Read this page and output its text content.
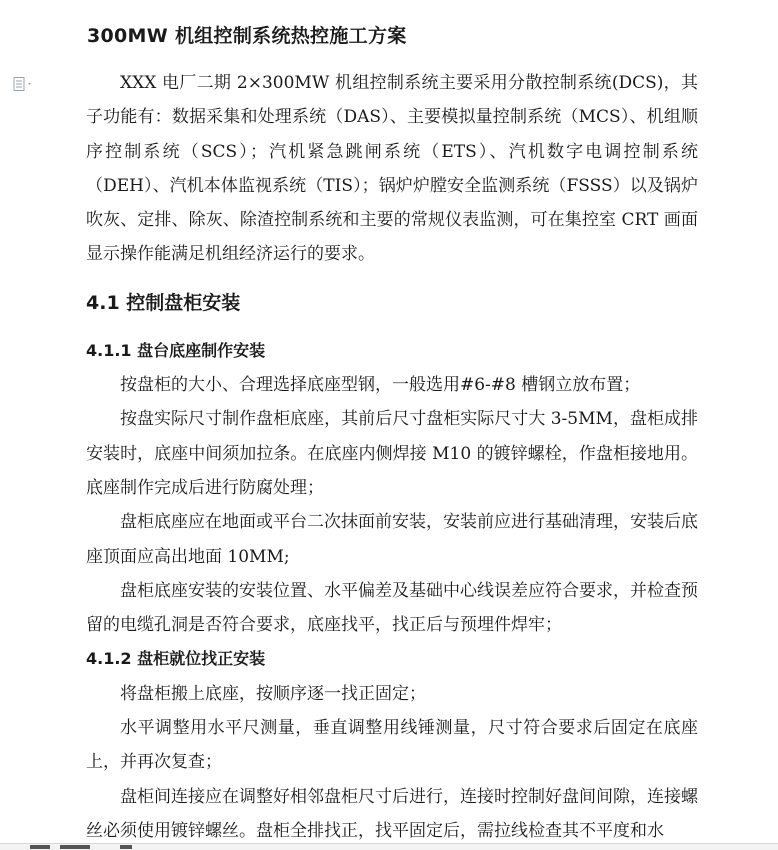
300MW 机组控制系统热控施工方案

XXX 电厂二期 2×300MW 机组控制系统主要采用分散控制系统(DCS)，其子功能有：数据采集和处理系统（DAS）、主要模拟量控制系统（MCS）、机组顺序控制系统（SCS）；汽机紧急跳闸系统（ETS）、汽机数字电调控制系统（DEH）、汽机本体监视系统（TIS）；锅炉炉膛安全监测系统（FSSS）以及锅炉吹灰、定排、除灰、除渣控制系统和主要的常规仪表监测，可在集控室 CRT 画面显示操作能满足机组经济运行的要求。

4.1 控制盘柜安装

4.1.1 盘台底座制作安装

按盘柜的大小、合理选择底座型钢，一般选用#6-#8 槽钢立放布置；

按盘实际尺寸制作盘柜底座，其前后尺寸盘柜实际尺寸大 3-5MM，盘柜成排安装时，底座中间须加拉条。在底座内侧焊接 M10 的镀锌螺栓，作盘柜接地用。底座制作完成后进行防腐处理；

盘柜底座应在地面或平台二次抹面前安装，安装前应进行基础清理，安装后底座顶面应高出地面 10MM;

盘柜底座安装的安装位置、水平偏差及基础中心线误差应符合要求，并检查预留的电缆孔洞是否符合要求，底座找平，找正后与预埋件焊牢；

4.1.2 盘柜就位找正安装

将盘柜搬上底座，按顺序逐一找正固定；

水平调整用水平尺测量，垂直调整用线锤测量，尺寸符合要求后固定在底座上，并再次复查；

盘柜间连接应在调整好相邻盘柜尺寸后进行，连接时控制好盘间间隙，连接螺丝必须使用镀锌螺丝。盘柜全排找正，找平固定后，需拉线检查其不平度和水
